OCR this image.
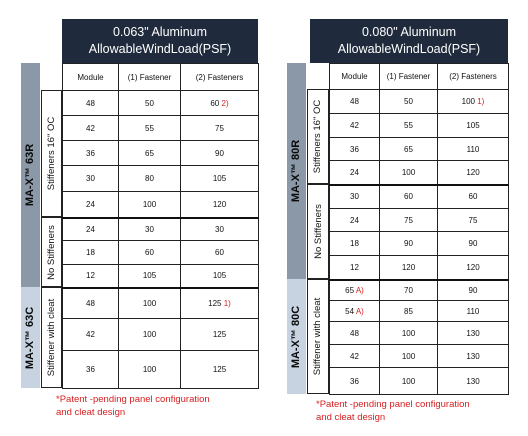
0.063" Aluminum
AllowableWindLoad(PSF)
MA-X™ 63R
MA-X™ 63C
Stiffeners 16" OC
No Stiffeners
Stiffener with cleat
Module	(1) Fastener	(2) Fasteners
48	50	60 2)
42	55	75
36	65	90
30	80	105
24	100	120
24	30	30
18	60	60
12	105	105
48	100	125 1)
42	100	125
36	100	125
*Patent -pending panel configuration
and cleat design
0.080" Aluminum
AllowableWindLoad(PSF)
MA-X™ 80R
MA-X™ 80C
Stiffeners 16" OC
No Stiffeners
Stiffener with cleat
Module	(1) Fastener	(2) Fasteners
48	50	100 1)
42	55	105
36	65	110
24	100	120
30	60	60
24	75	75
18	90	90
12	120	120
65 A)	70	90
54 A)	85	110
48	100	130
42	100	130
36	100	130
*Patent -pending panel configuration
and cleat design
